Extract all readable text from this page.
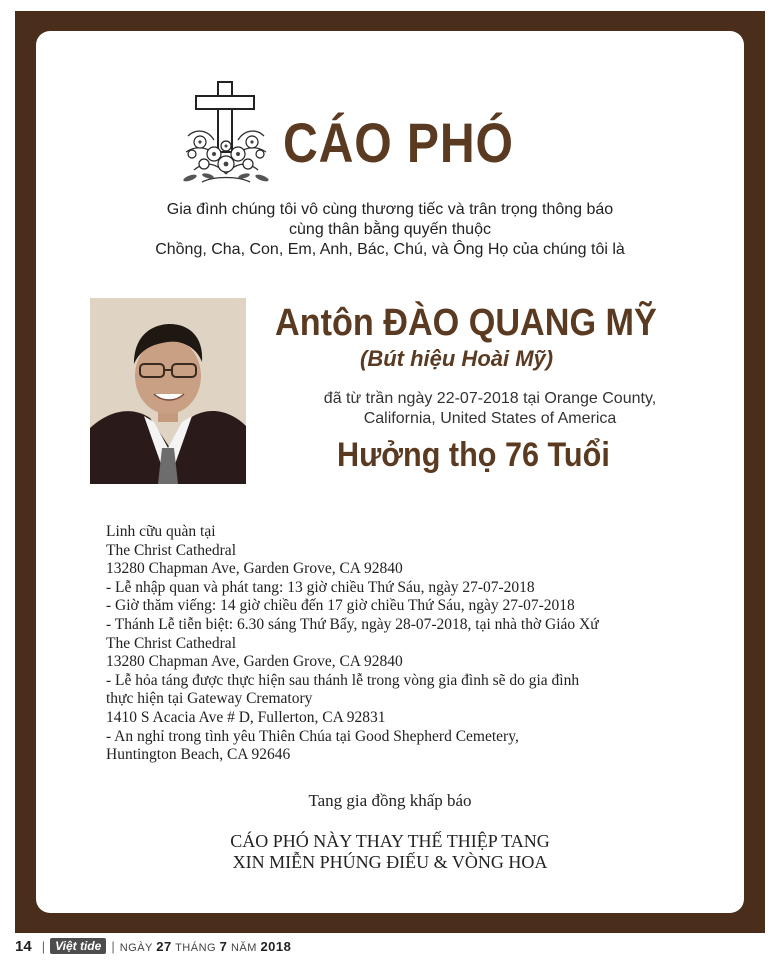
CÁO PHÓ
Gia đình chúng tôi vô cùng thương tiếc và trân trọng thông báo
cùng thân bằng quyến thuộc
Chồng, Cha, Con, Em, Anh, Bác, Chú, và Ông Họ của chúng tôi là
Antôn ĐÀO QUANG MỸ
(Bút hiệu Hoài Mỹ)
đã từ trần ngày 22-07-2018 tại Orange County,
California, United States of America
Hưởng thọ 76 Tuổi
Linh cữu quàn tại
The Christ Cathedral
13280 Chapman Ave, Garden Grove, CA 92840
- Lễ nhập quan và phát tang: 13 giờ chiều Thứ Sáu, ngày 27-07-2018
- Giờ thăm viếng: 14 giờ chiều đến 17 giờ chiều Thứ Sáu, ngày 27-07-2018
- Thánh Lễ tiễn biệt: 6.30 sáng Thứ Bẩy, ngày 28-07-2018, tại nhà thờ Giáo Xứ
The Christ Cathedral
13280 Chapman Ave, Garden Grove, CA 92840
- Lễ hỏa táng được thực hiện sau thánh lễ trong vòng gia đình sẽ do gia đình
thực hiện tại Gateway Crematory
1410 S Acacia Ave # D, Fullerton, CA 92831
- An nghỉ trong tình yêu Thiên Chúa tại Good Shepherd Cemetery,
Huntington Beach, CA 92646
Tang gia đồng khấp báo
CÁO PHÓ NÀY THAY THẾ THIỆP TANG
XIN MIỄN PHÚNG ĐIẾU & VÒNG HOA
14 | Việt tide | NGÀY 27 THÁNG 7 NĂM 2018
